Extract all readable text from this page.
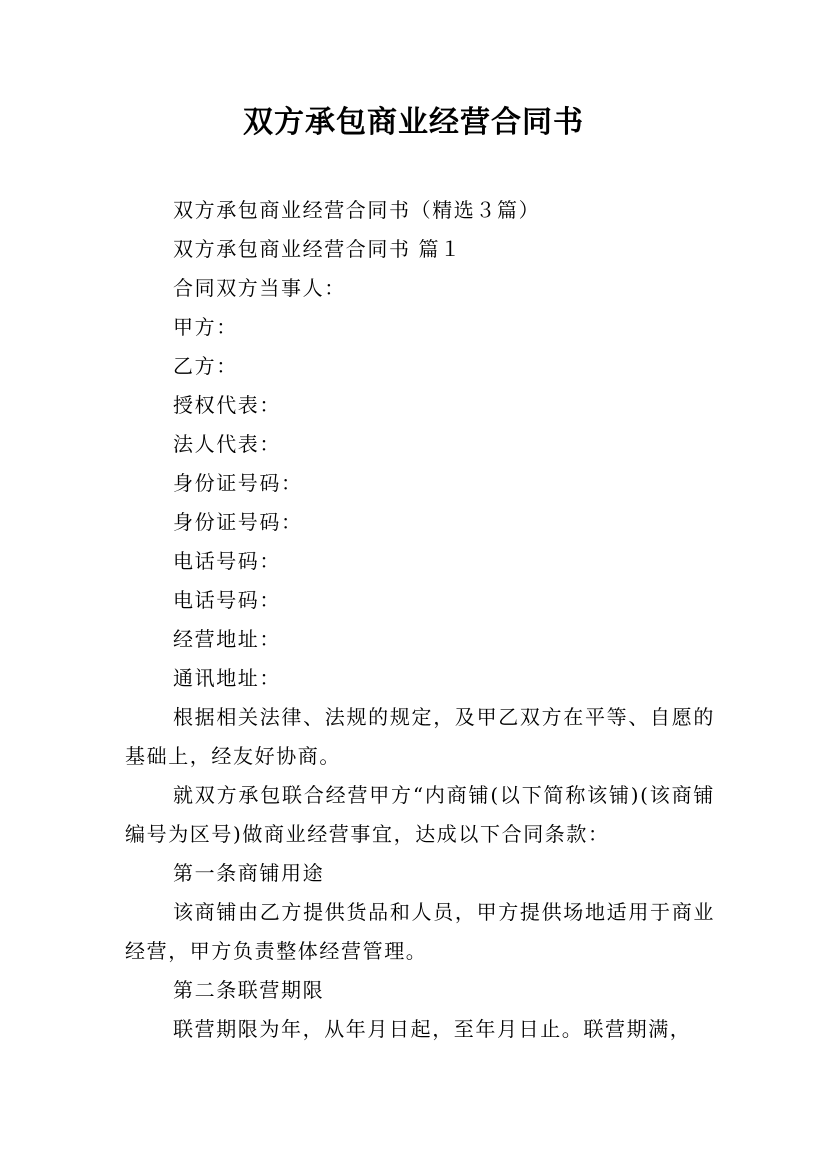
双方承包商业经营合同书

双方承包商业经营合同书（精选３篇）

双方承包商业经营合同书 篇１

合同双方当事人：

甲方：

乙方：

授权代表：

法人代表：

身份证号码：

身份证号码：

电话号码：

电话号码：

经营地址：

通讯地址：

根据相关法律、法规的规定，及甲乙双方在平等、自愿的基础上，经友好协商。

就双方承包联合经营甲方“内商铺(以下简称该铺)(该商铺编号为区号)做商业经营事宜，达成以下合同条款：

第一条商铺用途

该商铺由乙方提供货品和人员，甲方提供场地适用于商业经营，甲方负责整体经营管理。

第二条联营期限

联营期限为年，从年月日起，至年月日止。联营期满，
